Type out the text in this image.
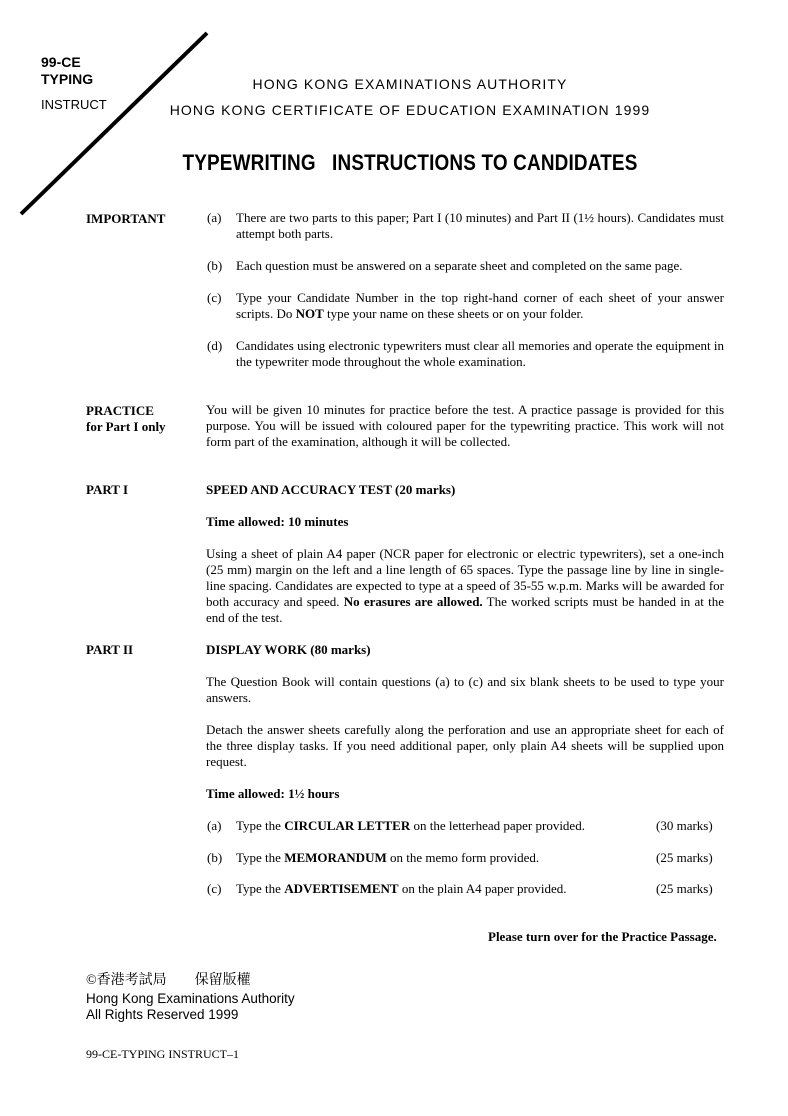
99-CE
TYPING
INSTRUCT
HONG KONG EXAMINATIONS AUTHORITY
HONG KONG CERTIFICATE OF EDUCATION EXAMINATION 1999
TYPEWRITING   INSTRUCTIONS TO CANDIDATES
IMPORTANT	(a) There are two parts to this paper; Part I (10 minutes) and Part II (1½ hours). Candidates must attempt both parts.
(b) Each question must be answered on a separate sheet and completed on the same page.
(c) Type your Candidate Number in the top right-hand corner of each sheet of your answer scripts. Do NOT type your name on these sheets or on your folder.
(d) Candidates using electronic typewriters must clear all memories and operate the equipment in the typewriter mode throughout the whole examination.
PRACTICE
for Part I only
You will be given 10 minutes for practice before the test. A practice passage is provided for this purpose. You will be issued with coloured paper for the typewriting practice. This work will not form part of the examination, although it will be collected.
PART I	SPEED AND ACCURACY TEST (20 marks)
Time allowed: 10 minutes
Using a sheet of plain A4 paper (NCR paper for electronic or electric typewriters), set a one-inch (25 mm) margin on the left and a line length of 65 spaces. Type the passage line by line in single-line spacing. Candidates are expected to type at a speed of 35-55 w.p.m. Marks will be awarded for both accuracy and speed. No erasures are allowed. The worked scripts must be handed in at the end of the test.
PART II	DISPLAY WORK (80 marks)
The Question Book will contain questions (a) to (c) and six blank sheets to be used to type your answers.
Detach the answer sheets carefully along the perforation and use an appropriate sheet for each of the three display tasks. If you need additional paper, only plain A4 sheets will be supplied upon request.
Time allowed: 1½ hours
(a) Type the CIRCULAR LETTER on the letterhead paper provided.	(30 marks)
(b) Type the MEMORANDUM on the memo form provided.	(25 marks)
(c) Type the ADVERTISEMENT on the plain A4 paper provided.	(25 marks)
Please turn over for the Practice Passage.
©香港考試局　　保留版權
Hong Kong Examinations Authority
All Rights Reserved 1999
99-CE-TYPING INSTRUCT–1
